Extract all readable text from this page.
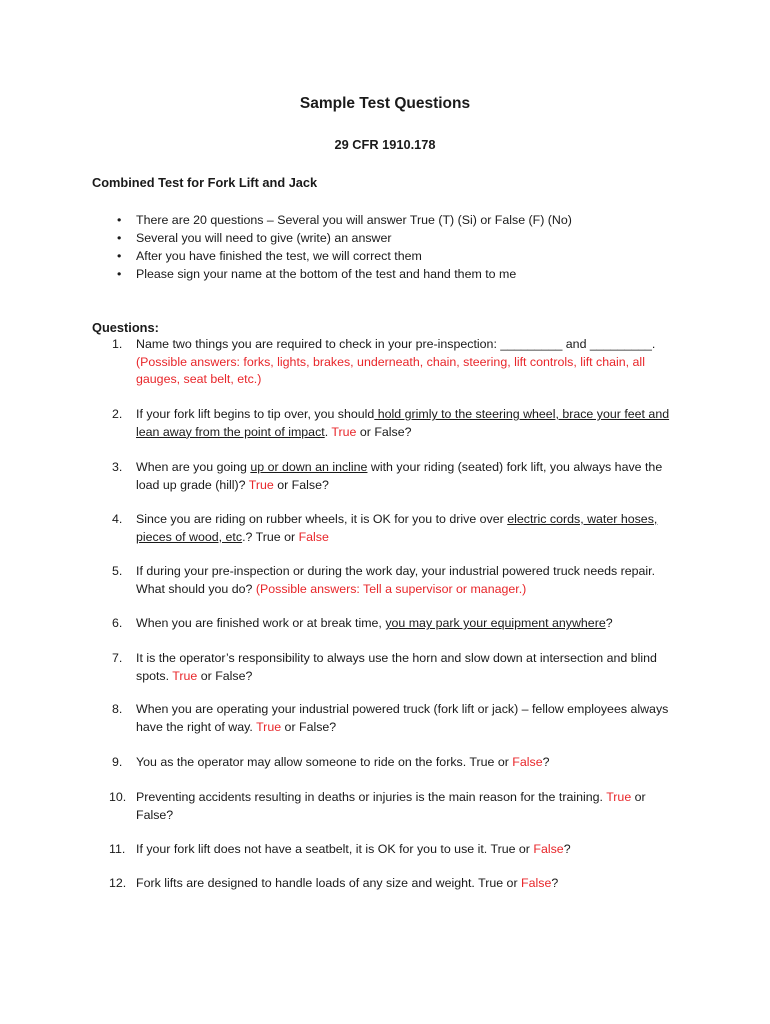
Sample Test Questions
29 CFR 1910.178
Combined Test for Fork Lift and Jack
• There are 20 questions – Several you will answer True (T) (Si) or False (F) (No)
• Several you will need to give (write) an answer
• After you have finished the test, we will correct them
• Please sign your name at the bottom of the test and hand them to me
Questions:
1.	Name two things you are required to check in your pre-inspection: _________ and _________.
(Possible answers: forks, lights, brakes, underneath, chain, steering, lift controls, lift chain, all gauges, seat belt, etc.)
2.	If your fork lift begins to tip over, you should hold grimly to the steering wheel, brace your feet and lean away from the point of impact. True or False?
3.	When are you going up or down an incline with your riding (seated) fork lift, you always have the load up grade (hill)? True or False?
4.	Since you are riding on rubber wheels, it is OK for you to drive over electric cords, water hoses, pieces of wood, etc.? True or False
5.	If during your pre-inspection or during the work day, your industrial powered truck needs repair. What should you do? (Possible answers: Tell a supervisor or manager.)
6.	When you are finished work or at break time, you may park your equipment anywhere?
7.	It is the operator’s responsibility to always use the horn and slow down at intersection and blind spots. True or False?
8.	When you are operating your industrial powered truck (fork lift or jack) – fellow employees always have the right of way. True or False?
9.	You as the operator may allow someone to ride on the forks. True or False?
10. Preventing accidents resulting in deaths or injuries is the main reason for the training. True or False?
11. If your fork lift does not have a seatbelt, it is OK for you to use it. True or False?
12. Fork lifts are designed to handle loads of any size and weight. True or False?
